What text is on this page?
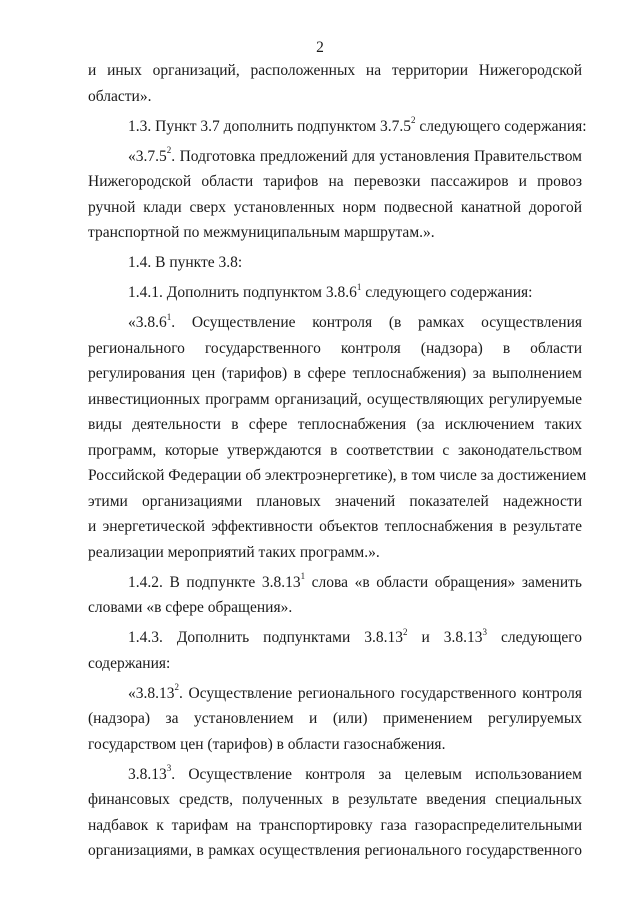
2
и иных организаций, расположенных на территории Нижегородской
области».
1.3. Пункт 3.7 дополнить подпунктом 3.7.5$^2$ следующего содержания:
«3.7.5$^2$. Подготовка предложений для установления Правительством
Нижегородской области тарифов на перевозки пассажиров и провоз
ручной клади сверх установленных норм подвесной канатной дорогой
транспортной по межмуниципальным маршрутам.».
1.4. В пункте 3.8:
1.4.1. Дополнить подпунктом 3.8.6$^1$ следующего содержания:
«3.8.6$^1$. Осуществление контроля (в рамках осуществления
регионального государственного контроля (надзора) в области
регулирования цен (тарифов) в сфере теплоснабжения) за выполнением
инвестиционных программ организаций, осуществляющих регулируемые
виды деятельности в сфере теплоснабжения (за исключением таких
программ, которые утверждаются в соответствии с законодательством
Российской Федерации об электроэнергетике), в том числе за достижением
этими организациями плановых значений показателей надежности
и энергетической эффективности объектов теплоснабжения в результате
реализации мероприятий таких программ.».
1.4.2. В подпункте 3.8.13$^1$ слова «в области обращения» заменить
словами «в сфере обращения».
1.4.3. Дополнить подпунктами 3.8.13$^2$ и 3.8.13$^3$ следующего
содержания:
«3.8.13$^2$. Осуществление регионального государственного контроля
(надзора) за установлением и (или) применением регулируемых
государством цен (тарифов) в области газоснабжения.
3.8.13$^3$. Осуществление контроля за целевым использованием
финансовых средств, полученных в результате введения специальных
надбавок к тарифам на транспортировку газа газораспределительными
организациями, в рамках осуществления регионального государственного
